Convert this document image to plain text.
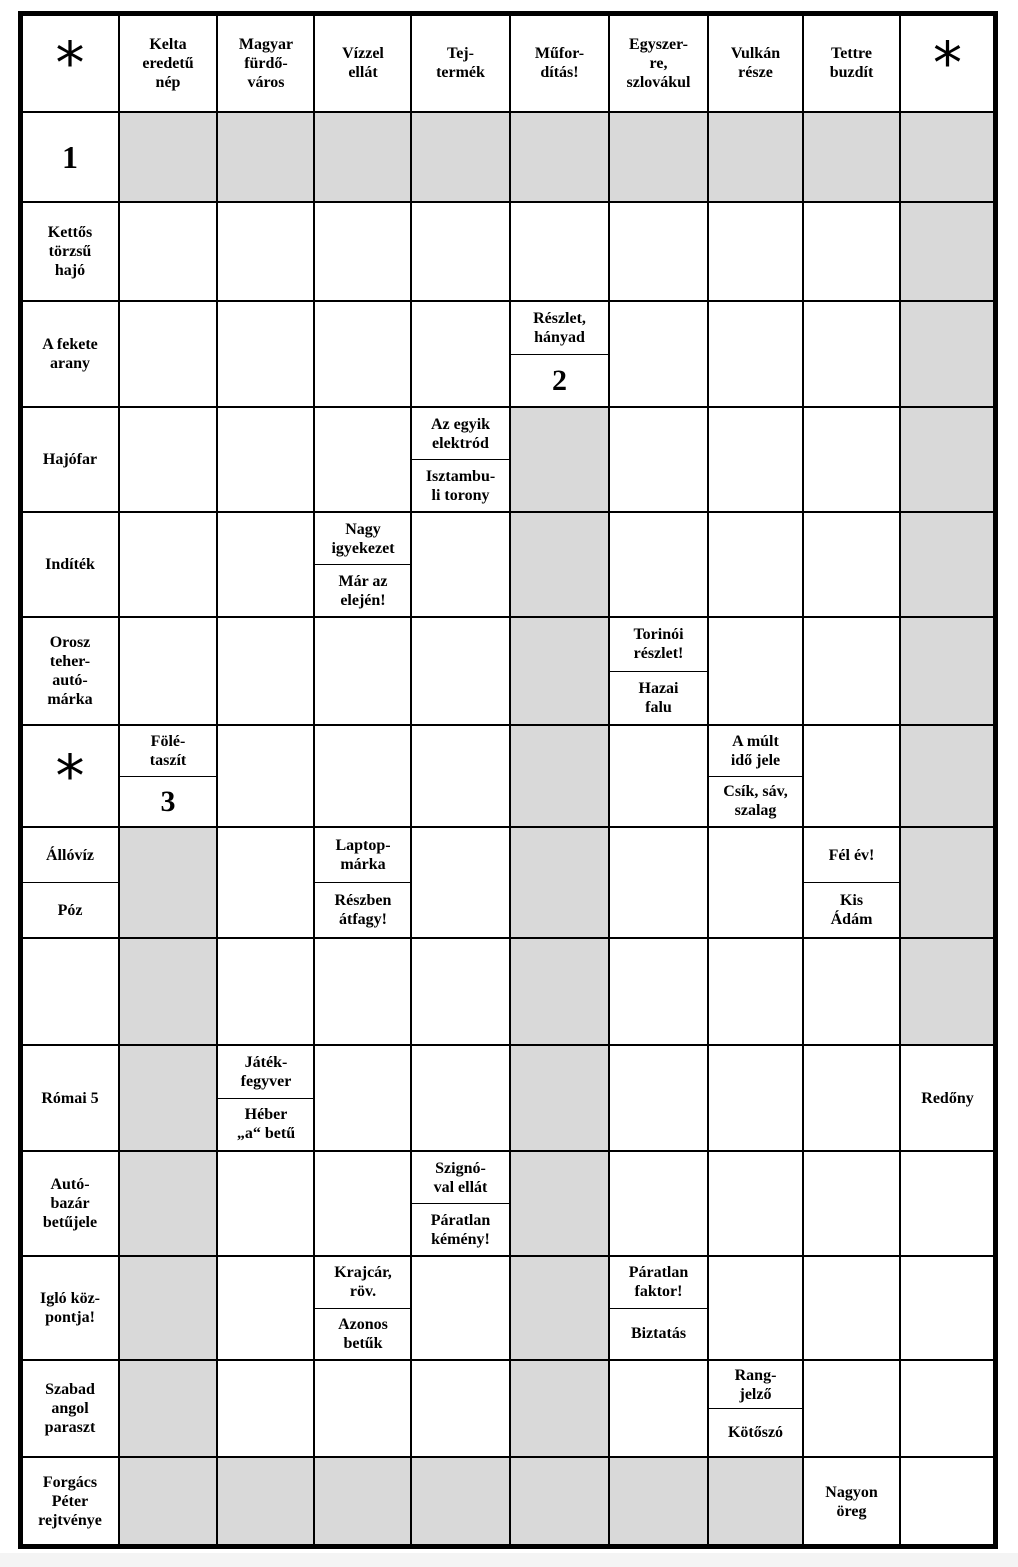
*	Kelta
eredetű
nép
Magyar
fürdő-
város
Vízzel
ellát
Tej-
termék
Műfor-
dítás!
Egyszer-
re,
szlovákul
Vulkán
része
Tettre
buzdít	*
1
Kettős
törzsű
hajó
A fekete
arany
Részlet,
hányad
2
Hajófar
Az egyik
elektród
Isztambu-
li torony
Indíték
Nagy
igyekezet
Már az
elején!
Orosz
teher-
autó-
márka
Torinói
részlet!
Hazai
falu
*
Fölé-
taszít
3
A múlt
idő jele
Csík, sáv,
szalag
Állóvíz
Póz
Laptop-
márka
Részben
átfagy!
Fél év!
Kis
Ádám
Római 5
Játék-
fegyver
Héber
„a“ betű
Redőny
Autó-
bazár
betűjele
Szignó-
val ellát
Páratlan
kémény!
Igló köz-
pontja!
Krajcár,
röv.
Azonos
betűk
Páratlan
faktor!
Biztatás
Szabad
angol
paraszt
Rang-
jelző
Kötőszó
Forgács
Péter
rejtvénye
Nagyon
öreg
